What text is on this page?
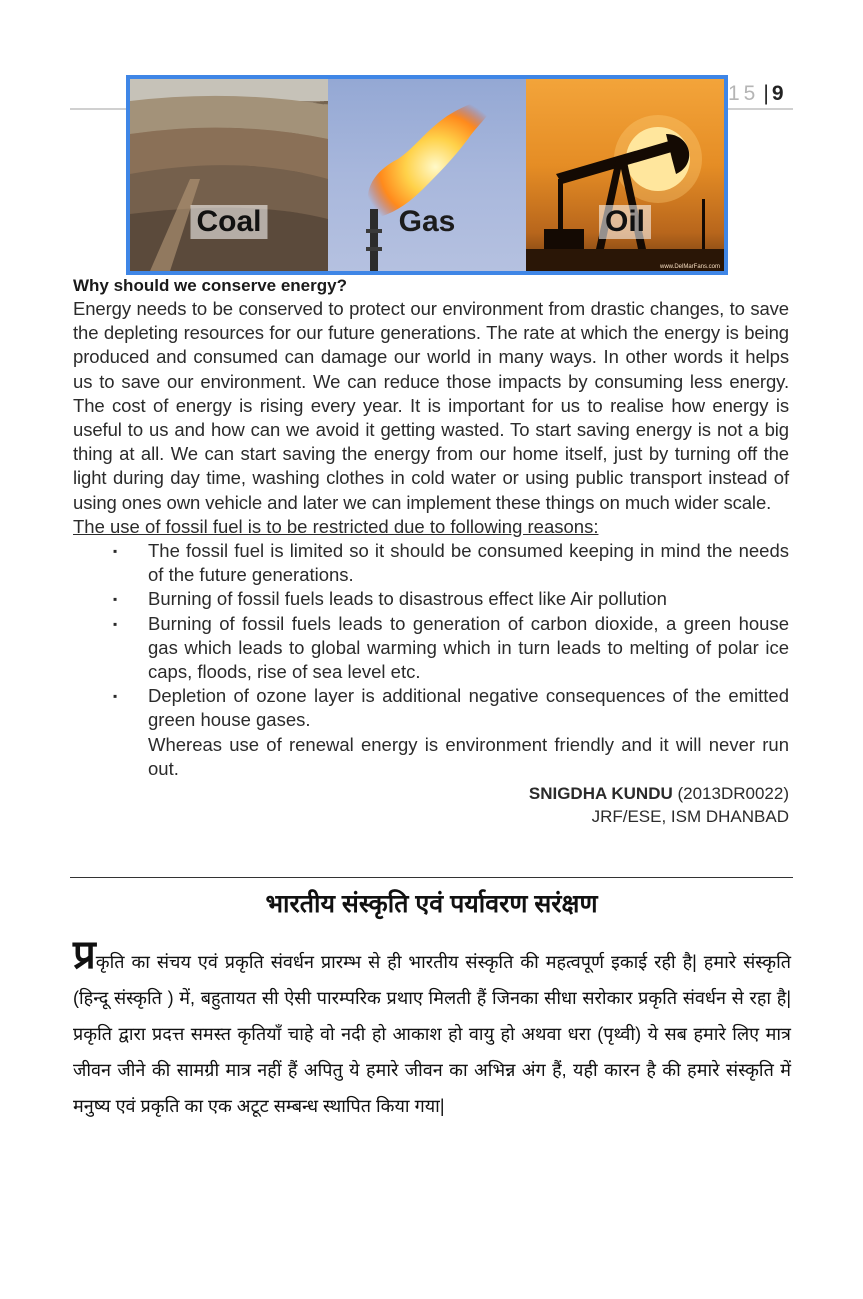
15 | 9
Coal	Gas	Oil
www.DelMarFans.com

Why should we conserve energy?

Energy needs to be conserved to protect our environment from drastic changes, to save the depleting resources for our future generations. The rate at which the energy is being produced and consumed can damage our world in many ways. In other words it helps us to save our environment. We can reduce those impacts by consuming less energy. The cost of energy is rising every year. It is important for us to realise how energy is useful to us and how can we avoid it getting wasted. To start saving energy is not a big thing at all. We can start saving the energy from our home itself, just by turning off the light during day time, washing clothes in cold water or using public transport instead of using ones own vehicle and later we can implement these things on much wider scale.

The use of fossil fuel is to be restricted due to following reasons:

▪ The fossil fuel is limited so it should be consumed keeping in mind the needs of the future generations.
▪ Burning of fossil fuels leads to disastrous effect like Air pollution
▪ Burning of fossil fuels leads to generation of carbon dioxide, a green house gas which leads to global warming which in turn leads to melting of polar ice caps, floods, rise of sea level etc.
▪ Depletion of ozone layer is additional negative consequences of the emitted green house gases.

Whereas use of renewal energy is environment friendly and it will never run out.

SNIGDHA KUNDU (2013DR0022)
JRF/ESE, ISM DHANBAD
भारतीय संस्कृति एवं पर्यावरण सरंक्षण
प्रकृति का संचय एवं प्रकृति संवर्धन प्रारम्भ से ही भारतीय संस्कृति की महत्वपूर्ण इकाई रही है| हमारे संस्कृति (हिन्दू संस्कृति ) में, बहुतायत सी ऐसी पारम्परिक प्रथाए मिलती हैं जिनका सीधा सरोकार प्रकृति संवर्धन से रहा है| प्रकृति द्वारा प्रदत्त समस्त कृतियाँ चाहे वो नदी हो आकाश हो वायु हो अथवा धरा (पृथ्वी) ये सब हमारे लिए मात्र जीवन जीने की सामग्री मात्र नहीं हैं अपितु ये हमारे जीवन का अभिन्न अंग हैं, यही कारन है की हमारे संस्कृति में मनुष्य एवं प्रकृति का एक अटूट सम्बन्ध स्थापित किया गया|
